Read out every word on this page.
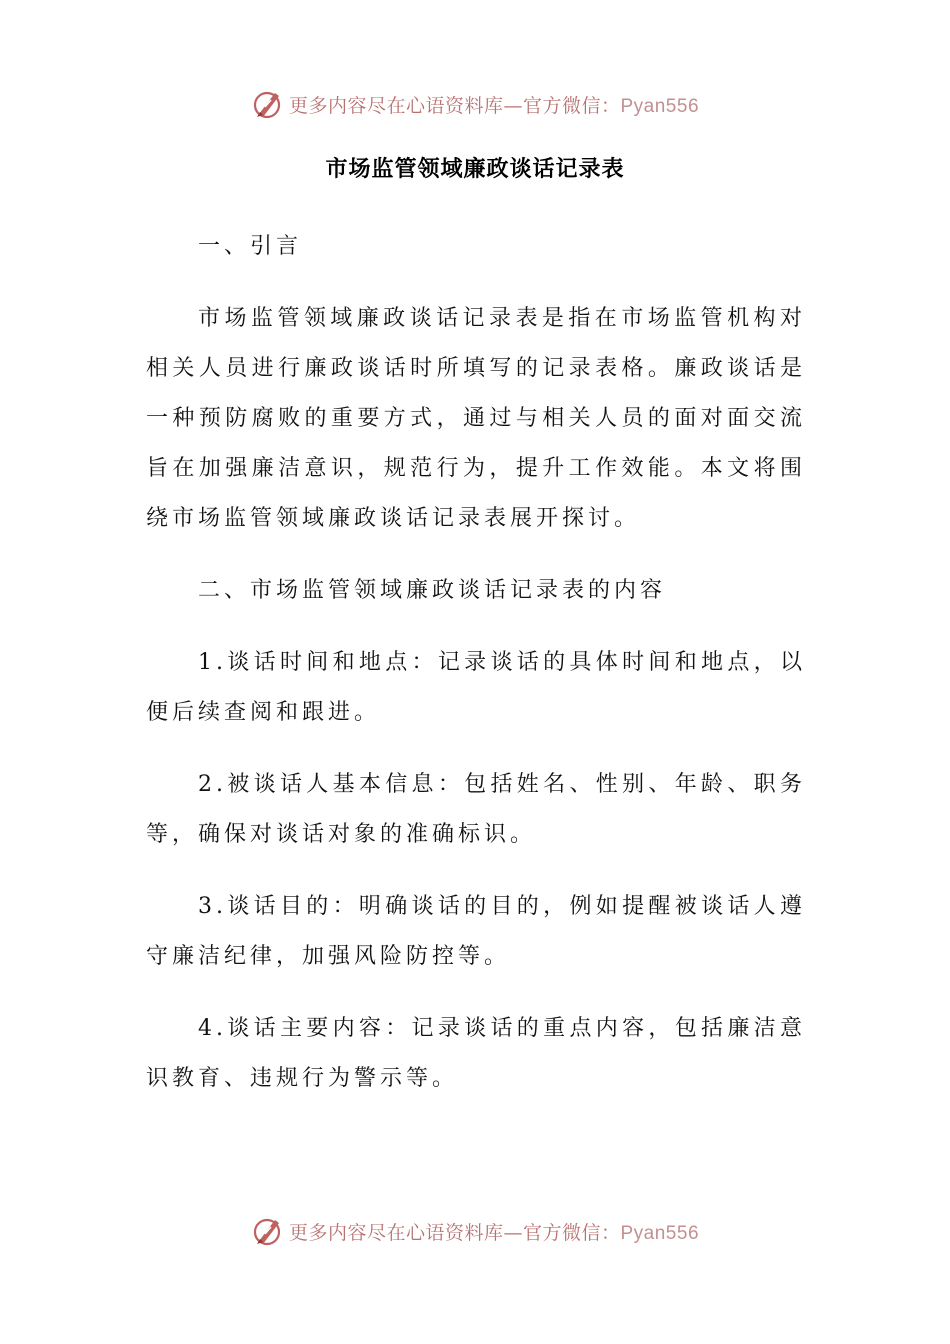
更多内容尽在心语资料库—官方微信：Pyan556
市场监管领域廉政谈话记录表

一、引言

市场监管领域廉政谈话记录表是指在市场监管机构对相关人员进行廉政谈话时所填写的记录表格。廉政谈话是一种预防腐败的重要方式，通过与相关人员的面对面交流旨在加强廉洁意识，规范行为，提升工作效能。本文将围绕市场监管领域廉政谈话记录表展开探讨。

二、市场监管领域廉政谈话记录表的内容

1.谈话时间和地点：记录谈话的具体时间和地点，以便后续查阅和跟进。

2.被谈话人基本信息：包括姓名、性别、年龄、职务等，确保对谈话对象的准确标识。

3.谈话目的：明确谈话的目的，例如提醒被谈话人遵守廉洁纪律，加强风险防控等。

4.谈话主要内容：记录谈话的重点内容，包括廉洁意识教育、违规行为警示等。

更多内容尽在心语资料库—官方微信：Pyan556
